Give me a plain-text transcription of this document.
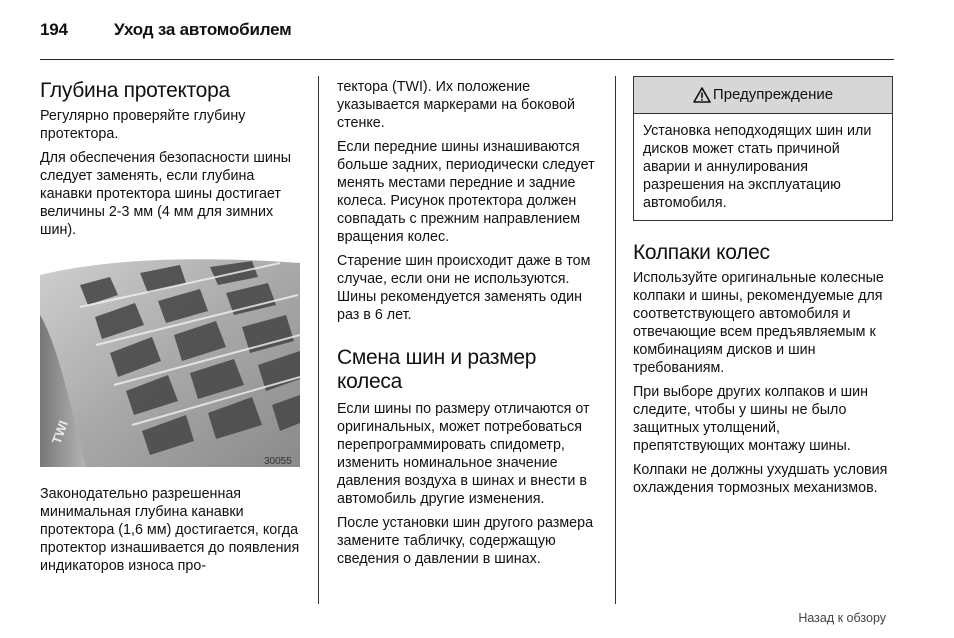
194	Уход за автомобилем
Глубина протектора

Регулярно проверяйте глубину протектора.

Для обеспечения безопасности шины следует заменять, если глубина канавки протектора шины достигает величины 2-3 мм (4 мм для зимних шин).

TWI
30055

Законодательно разрешенная минимальная глубина канавки протектора (1,6 мм) достигается, когда протектор изнашивается до появления индикаторов износа про-

тектора (TWI). Их положение указывается маркерами на боковой стенке.

Если передние шины изнашиваются больше задних, периодически следует менять местами передние и задние колеса. Рисунок протектора должен совпадать с прежним направлением вращения колес.

Старение шин происходит даже в том случае, если они не используются. Шины рекомендуется заменять один раз в 6 лет.

Смена шин и размер колеса

Если шины по размеру отличаются от оригинальных, может потребоваться перепрограммировать спидометр, изменить номинальное значение давления воздуха в шинах и внести в автомобиль другие изменения.

После установки шин другого размера замените табличку, содержащую сведения о давлении в шинах.

Предупреждение
Установка неподходящих шин или дисков может стать причиной аварии и аннулирования разрешения на эксплуатацию автомобиля.
Колпаки колес

Используйте оригинальные колесные колпаки и шины, рекомендуемые для соответствующего автомобиля и отвечающие всем предъявляемым к комбинациям дисков и шин требованиям.

При выборе других колпаков и шин следите, чтобы у шины не было защитных утолщений, препятствующих монтажу шины.

Колпаки не должны ухудшать условия охлаждения тормозных механизмов.

Назад к обзору
